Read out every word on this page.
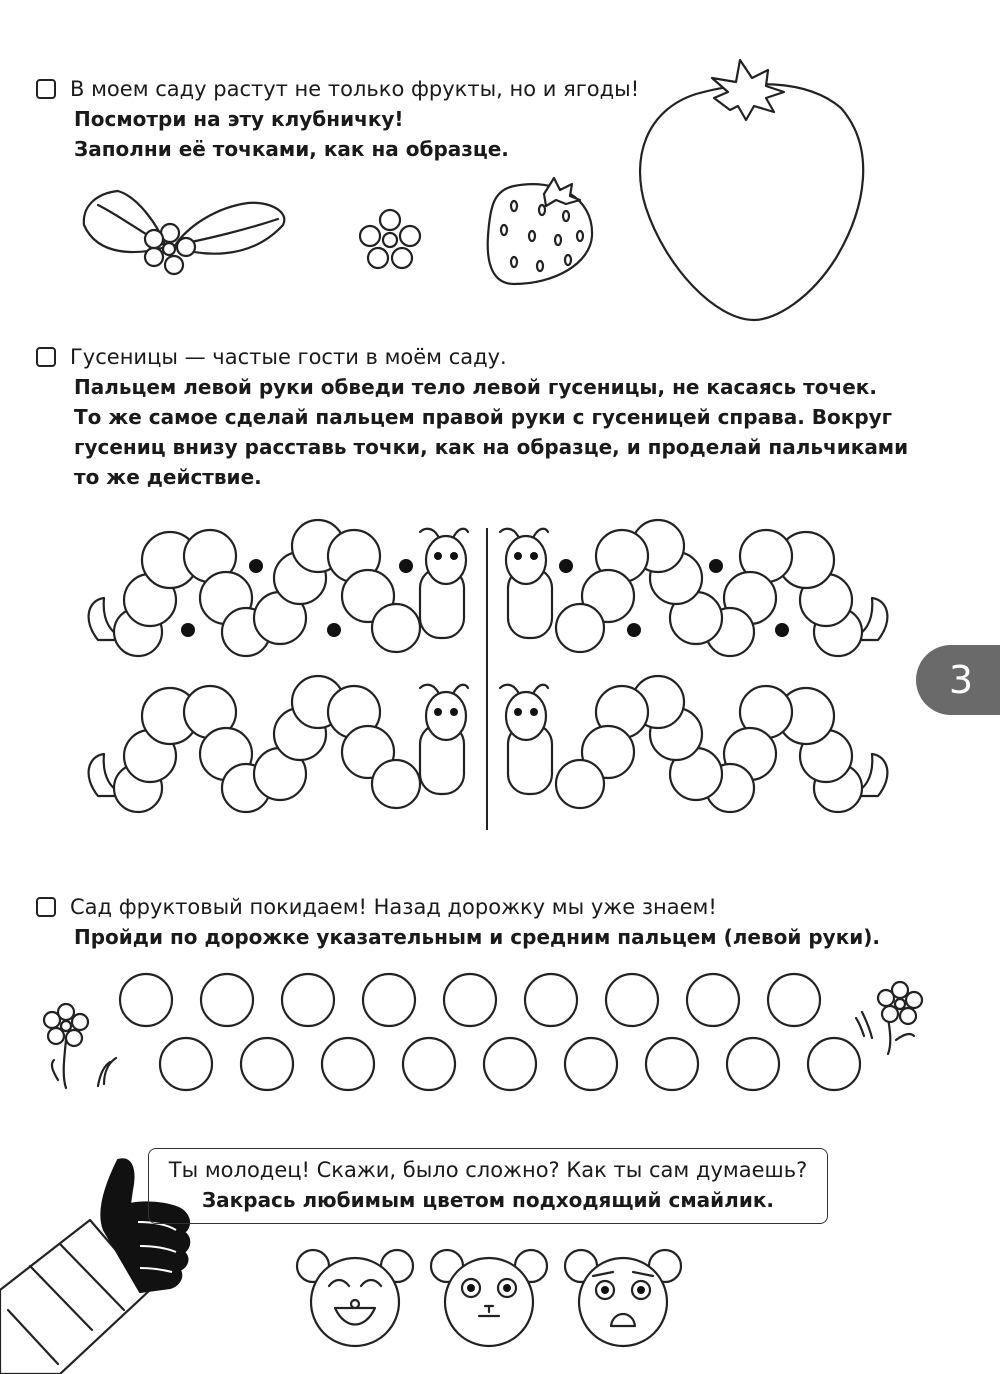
В моем саду растут не только фрукты, но и ягоды!
Посмотри на эту клубничку!
Заполни её точками, как на образце.
Гусеницы — частые гости в моём саду.
Пальцем левой руки обведи тело левой гусеницы, не касаясь точек.
То же самое сделай пальцем правой руки с гусеницей справа. Вокруг
гусениц внизу расставь точки, как на образце, и проделай пальчиками
то же действие.
3
Сад фруктовый покидаем! Назад дорожку мы уже знаем!
Пройди по дорожке указательным и средним пальцем (левой руки).
Ты молодец! Скажи, было сложно? Как ты сам думаешь?
Закрась любимым цветом подходящий смайлик.
